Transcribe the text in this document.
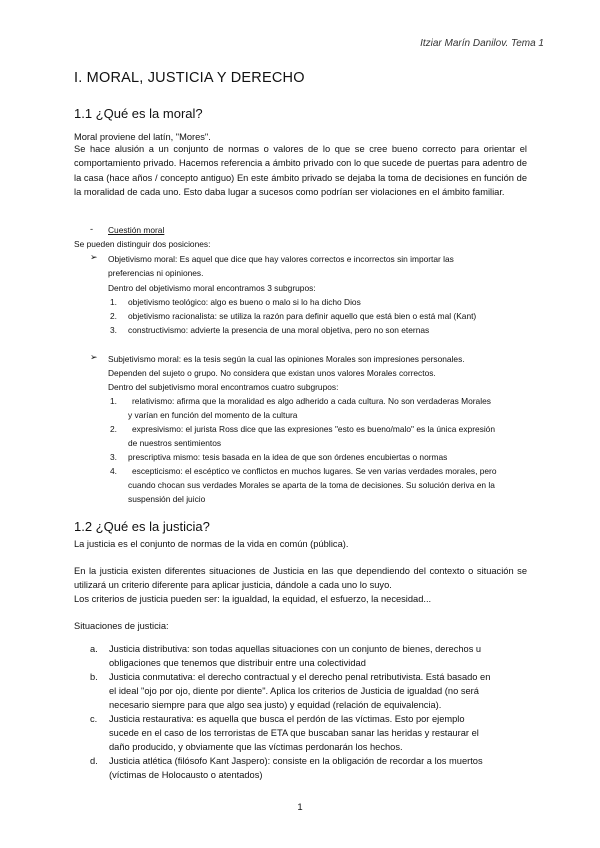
Itziar Marín Danilov. Tema 1
I. MORAL, JUSTICIA Y DERECHO
1.1 ¿Qué es la moral?
Moral proviene del latín, "Mores".
Se hace alusión a un conjunto de normas o valores de lo que se cree bueno correcto para orientar el comportamiento privado. Hacemos referencia a ámbito privado con lo que sucede de puertas para adentro de la casa (hace años / concepto antiguo) En este ámbito privado se dejaba la toma de decisiones en función de la moralidad de cada uno. Esto daba lugar a sucesos como podrían ser violaciones en el ámbito familiar.
- Cuestión moral
Se pueden distinguir dos posiciones:
➢ Objetivismo moral: Es aquel que dice que hay valores correctos e incorrectos sin importar las
preferencias ni opiniones.
Dentro del objetivismo moral encontramos 3 subgrupos:
1.	objetivismo teológico: algo es bueno o malo si lo ha dicho Dios
2.	objetivismo racionalista: se utiliza la razón para definir aquello que está bien o está mal (Kant)
3.	constructivismo: advierte la presencia de una moral objetiva, pero no son eternas
➢ Subjetivismo moral: es la tesis según la cual las opiniones Morales son impresiones personales.
Dependen del sujeto o grupo. No considera que existan unos valores Morales correctos.
Dentro del subjetivismo moral encontramos cuatro subgrupos:
1.	relativismo: afirma que la moralidad es algo adherido a cada cultura. No son verdaderas Morales
y varían en función del momento de la cultura
2.	expresivismo: el jurista Ross dice que las expresiones "esto es bueno/malo" es la única expresión
de nuestros sentimientos
3.	prescriptiva mismo: tesis basada en la idea de que son órdenes encubiertas o normas
4.	escepticismo: el escéptico ve conflictos en muchos lugares. Se ven varias verdades morales, pero
cuando chocan sus verdades Morales se aparta de la toma de decisiones. Su solución deriva en la
suspensión del juicio
1.2 ¿Qué es la justicia?
La justicia es el conjunto de normas de la vida en común (pública).
En la justicia existen diferentes situaciones de Justicia en las que dependiendo del contexto o situación se utilizará un criterio diferente para aplicar justicia, dándole a cada uno lo suyo.
Los criterios de justicia pueden ser: la igualdad, la equidad, el esfuerzo, la necesidad...
Situaciones de justicia:
a.	Justicia distributiva: son todas aquellas situaciones con un conjunto de bienes, derechos u
obligaciones que tenemos que distribuir entre una colectividad
b.	Justicia conmutativa: el derecho contractual y el derecho penal retributivista. Está basado en
el ideal "ojo por ojo, diente por diente". Aplica los criterios de Justicia de igualdad (no será
necesario siempre para que algo sea justo) y equidad (relación de equivalencia).
c.	Justicia restaurativa: es aquella que busca el perdón de las víctimas. Esto por ejemplo
sucede en el caso de los terroristas de ETA que buscaban sanar las heridas y restaurar el
daño producido, y obviamente que las víctimas perdonarán los hechos.
d.	Justicia atlética (filósofo Kant Jaspero): consiste en la obligación de recordar a los muertos
(víctimas de Holocausto o atentados)
1
